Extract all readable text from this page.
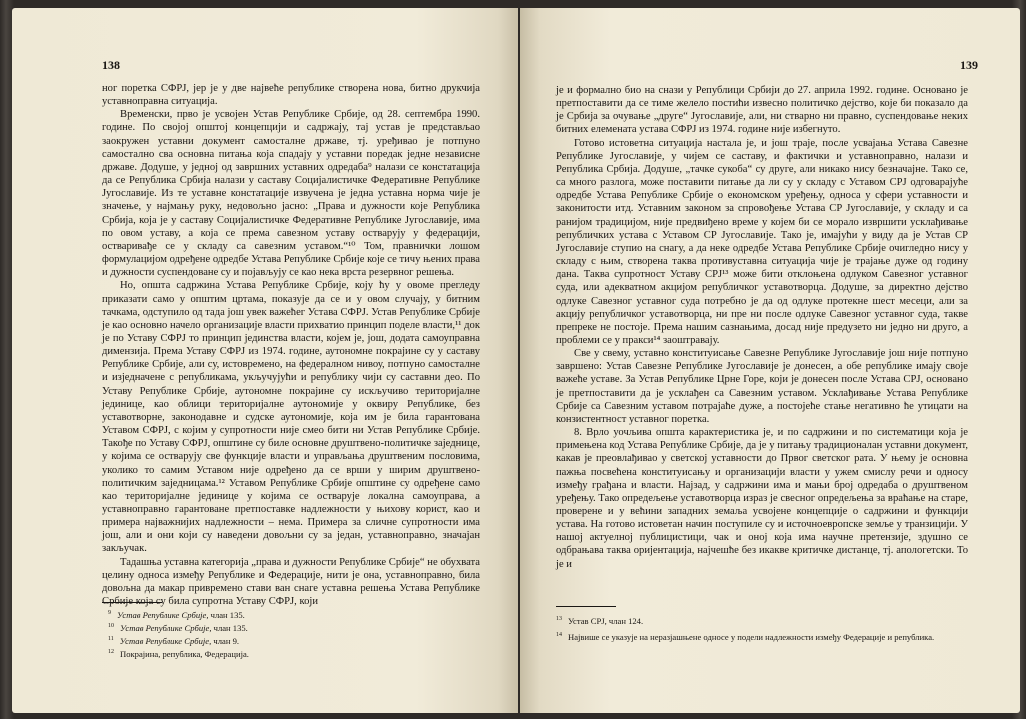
138

ног поретка СФРЈ, јер је у две највеће републике створена нова, битно друкчија уставноправна ситуација.

Временски, прво је усвојен Устав Републике Србије, од 28. септембра 1990. године. По својој општој концепцији и садржају, тај устав је представљао заокружен уставни документ самосталне државе, тј. уређивао је потпуно самостално сва основна питања која спадају у уставни поредак једне независне државе. Додуше, у једној од завршних уставних одредаба⁹ налази се констатација да се Република Србија налази у саставу Социјалистичке Федеративне Републике Југославије. Из те уставне констатације извучена је једна уставна норма чије је значење, у најмању руку, недовољно јасно: „Права и дужности које Република Србија, која је у саставу Социјалистичке Федеративне Републике Југославије, има по овом уставу, а која се према савезном уставу остварују у федерацији, остваривађе се у складу са савезним уставом.“¹⁰ Том, правнички лошом формулацијом одређене одредбе Устава Републике Србије које се тичу њених права и дужности суспендоване су и појављују се као нека врста резервног решења.

Но, општа садржина Устава Републике Србије, коју ћу у овоме прегледу приказати само у општим цртама, показује да се и у овом случају, у битним тачкама, одступило од тада још увек важећег Устава СФРЈ. Устав Републике Србије је као основно начело организације власти прихватио принцип поделе власти,¹¹ док је по Уставу СФРЈ то принцип јединства власти, којем је, још, додата самоуправна димензија. Према Уставу СФРЈ из 1974. године, аутономне покрајине су у саставу Републике Србије, али су, истовремено, на федералном нивоу, потпуно самосталне и изједначене с републикама, укључујући и републику чији су саставни део. По Уставу Републике Србије, аутономне покрајине су искључиво територијалне јединице, као облици територијалне аутономије у оквиру Републике, без уставотворне, законодавне и судске аутономије, која им је била гарантована Уставом СФРЈ, с којим у супротности није смео бити ни Устав Републике Србије. Такође по Уставу СФРЈ, општине су биле основне друштвено-политичке заједнице, у којима се остварују све функције власти и управљања друштвеним пословима, уколико то самим Уставом није одређено да се врши у ширим друштвено-политичким заједницама.¹² Уставом Републике Србије општине су одређене само као територијалне јединице у којима се остварује локална самоуправа, а уставноправно гарантоване претпоставке надлежности у њихову корист, као и примера најважнијих надлежности – нема. Примера за сличне супротности има још, али и они који су наведени довољни су за један, уставноправно, значајан закључак.

Тадашња уставна категорија „права и дужности Републике Србије“ не обухвата целину односа између Републике и Федерације, нити је она, уставноправно, била довољна да макар привремено стави ван снаге уставна решења Устава Републике Србије која су била супротна Уставу СФРЈ, који

$^9$ Устав Републике Србије, члан 135.
$^{10}$ Устав Републике Србије, члан 135.
$^{11}$ Устав Републике Србије, члан 9.
$^{12}$ Покрајина, република, Федерација.
139

је и формално био на снази у Републици Србији до 27. априла 1992. године. Основано је претпоставити да се тиме желело постићи извесно политичко дејство, које би показало да је Србија за очување „друге“ Југославије, али, ни стварно ни правно, суспендовање неких битних елемената устава СФРЈ из 1974. године није избегнуто.

Готово истоветна ситуација настала је, и још траје, после усвајања Устава Савезне Републике Југославије, у чијем се саставу, и фактички и уставноправно, налази и Република Србија. Додуше, „тачке сукоба“ су друге, али никако нису безначајне. Тако се, са много разлога, може поставити питање да ли су у складу с Уставом СРЈ одговарајуће одредбе Устава Републике Србије о економском уређењу, односа у сфери уставности и законитости итд. Уставним законом за спровођење Устава СР Југославије, у складу и са ранијом традицијом, није предвиђено време у којем би се морало извршити усклађивање републичких устава с Уставом СР Југославије. Тако је, имајући у виду да је Устав СР Југославије ступио на снагу, а да неке одредбе Устава Републике Србије очигледно нису у складу с њим, створена таква противуставна ситуација чије је трајање дуже од годину дана. Таква супротност Уставу СРЈ¹³ може бити отклоњена одлуком Савезног уставног суда, или адекватном акцијом републичког уставотворца. Додуше, за директно дејство одлуке Савезног уставног суда потребно је да од одлуке протекне шест месеци, али за акцију републичког уставотворца, ни пре ни после одлуке Савезног уставног суда, такве препреке не постоје. Према нашим сазнањима, досад није предузето ни једно ни друго, а проблеми се у пракси¹⁴ заоштравају.

Све у свему, уставно конституисање Савезне Републике Југославије још није потпуно завршено: Устав Савезне Републике Југославије је донесен, а обе републике имају своје важеће уставе. За Устав Републике Црне Горе, који је донесен после Устава СРЈ, основано је претпоставити да је усклађен са Савезним уставом. Усклађивање Устава Републике Србије са Савезним уставом потрајаће дуже, а постојеће стање негативно ће утицати на конзистентност уставног поретка.

8. Врло уочљива општа карактеристика је, и по садржини и по систематици која је примењена код Устава Републике Србије, да је у питању традиционалан уставни документ, какав је преовлађивао у светској уставности до Првог светског рата. У њему је основна пажња посвећена конституисању и организацији власти у ужем смислу речи и односу између грађана и власти. Најзад, у садржини има и мањи број одредаба о друштвеном уређењу. Тако опредељење уставотворца израз је свесног опредељења за враћање на старе, проверене и у већини западних земаља усвојене концепције о садржини и функцији устава. На готово истоветан начин поступиле су и источноевропске земље у транзицији. У нашој актуелној публицистици, чак и оној која има научне претензије, здушно се одбрањава таква оријентација, најчешће без икакве критичке дистанце, тј. апологетски. То је и

$^{13}$ Устав СРЈ, члан 124.
$^{14}$ Највише се указује на неразјашњене односе у подели надлежности између Федерације и република.
